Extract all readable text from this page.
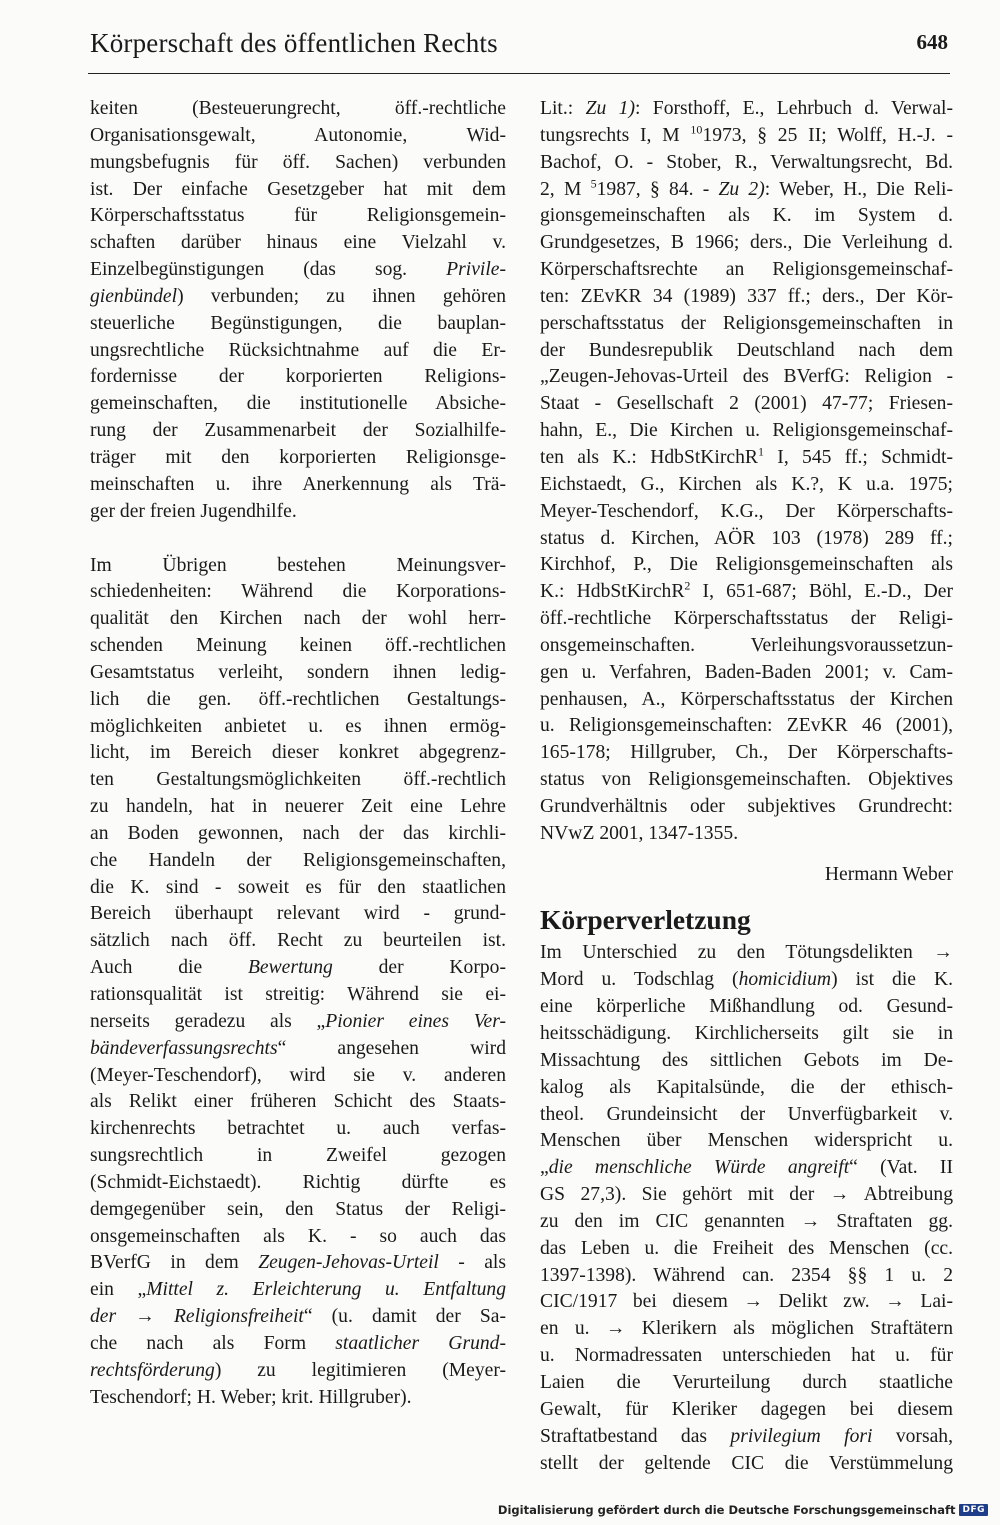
Körperschaft des öffentlichen Rechts	648
keiten (Besteuerungrecht, öff.-rechtliche
Organisationsgewalt, Autonomie, Wid-
mungsbefugnis für öff. Sachen) verbunden
ist. Der einfache Gesetzgeber hat mit dem
Körperschaftsstatus für Religionsgemein-
schaften darüber hinaus eine Vielzahl v.
Einzelbegünstigungen (das sog. Privile-
gienbündel) verbunden; zu ihnen gehören
steuerliche Begünstigungen, die bauplan-
ungsrechtliche Rücksichtnahme auf die Er-
fordernisse der korporierten Religions-
gemeinschaften, die institutionelle Absiche-
rung der Zusammenarbeit der Sozialhilfe-
träger mit den korporierten Religionsge-
meinschaften u. ihre Anerkennung als Trä-
ger der freien Jugendhilfe.
Im Übrigen bestehen Meinungsver-
schiedenheiten: Während die Korporations-
qualität den Kirchen nach der wohl herr-
schenden Meinung keinen öff.-rechtlichen
Gesamtstatus verleiht, sondern ihnen ledig-
lich die gen. öff.-rechtlichen Gestaltungs-
möglichkeiten anbietet u. es ihnen ermög-
licht, im Bereich dieser konkret abgegrenz-
ten Gestaltungsmöglichkeiten öff.-rechtlich
zu handeln, hat in neuerer Zeit eine Lehre
an Boden gewonnen, nach der das kirchli-
che Handeln der Religionsgemeinschaften,
die K. sind - soweit es für den staatlichen
Bereich überhaupt relevant wird - grund-
sätzlich nach öff. Recht zu beurteilen ist.
Auch die Bewertung der Korpo-
rationsqualität ist streitig: Während sie ei-
nerseits geradezu als „Pionier eines Ver-
bändeverfassungsrechts“ angesehen wird
(Meyer-Teschendorf), wird sie v. anderen
als Relikt einer früheren Schicht des Staats-
kirchenrechts betrachtet u. auch verfas-
sungsrechtlich in Zweifel gezogen
(Schmidt-Eichstaedt). Richtig dürfte es
demgegenüber sein, den Status der Religi-
onsgemeinschaften als K. - so auch das
BVerfG in dem Zeugen-Jehovas-Urteil - als
ein „Mittel z. Erleichterung u. Entfaltung
der → Religionsfreiheit“ (u. damit der Sa-
che nach als Form staatlicher Grund-
rechtsförderung) zu legitimieren (Meyer-
Teschendorf; H. Weber; krit. Hillgruber).
Lit.: Zu 1): Forsthoff, E., Lehrbuch d. Verwal-
tungsrechts I, M $^{10}$1973, § 25 II; Wolff, H.-J. -
Bachof, O. - Stober, R., Verwaltungsrecht, Bd.
2, M $^5$1987, § 84. - Zu 2): Weber, H., Die Reli-
gionsgemeinschaften als K. im System d.
Grundgesetzes, B 1966; ders., Die Verleihung d.
Körperschaftsrechte an Religionsgemeinschaf-
ten: ZEvKR 34 (1989) 337 ff.; ders., Der Kör-
perschaftsstatus der Religionsgemeinschaften in
der Bundesrepublik Deutschland nach dem
„Zeugen-Jehovas-Urteil des BVerfG: Religion -
Staat - Gesellschaft 2 (2001) 47-77; Friesen-
hahn, E., Die Kirchen u. Religionsgemeinschaf-
ten als K.: HdbStKirchR$^1$ I, 545 ff.; Schmidt-
Eichstaedt, G., Kirchen als K.?, K u.a. 1975;
Meyer-Teschendorf, K.G., Der Körperschafts-
status d. Kirchen, AÖR 103 (1978) 289 ff.;
Kirchhof, P., Die Religionsgemeinschaften als
K.: HdbStKirchR$^2$ I, 651-687; Böhl, E.-D., Der
öff.-rechtliche Körperschaftsstatus der Religi-
onsgemeinschaften. Verleihungsvoraussetzun-
gen u. Verfahren, Baden-Baden 2001; v. Cam-
penhausen, A., Körperschaftsstatus der Kirchen
u. Religionsgemeinschaften: ZEvKR 46 (2001),
165-178; Hillgruber, Ch., Der Körperschafts-
status von Religionsgemeinschaften. Objektives
Grundverhältnis oder subjektives Grundrecht:
NVwZ 2001, 1347-1355.
Hermann Weber
Körperverletzung
Im Unterschied zu den Tötungsdelikten →
Mord u. Todschlag (homicidium) ist die K.
eine körperliche Mißhandlung od. Gesund-
heitsschädigung. Kirchlicherseits gilt sie in
Missachtung des sittlichen Gebots im De-
kalog als Kapitalsünde, die der ethisch-
theol. Grundeinsicht der Unverfügbarkeit v.
Menschen über Menschen widerspricht u.
„die menschliche Würde angreift“ (Vat. II
GS 27,3). Sie gehört mit der → Abtreibung
zu den im CIC genannten → Straftaten gg.
das Leben u. die Freiheit des Menschen (cc.
1397-1398). Während can. 2354 §§ 1 u. 2
CIC/1917 bei diesem → Delikt zw. → Lai-
en u. → Klerikern als möglichen Straftätern
u. Normadressaten unterschieden hat u. für
Laien die Verurteilung durch staatliche
Gewalt, für Kleriker dagegen bei diesem
Straftatbestand das privilegium fori vorsah,
stellt der geltende CIC die Verstümmelung
Digitalisierung gefördert durch die Deutsche Forschungsgemeinschaft DFG
